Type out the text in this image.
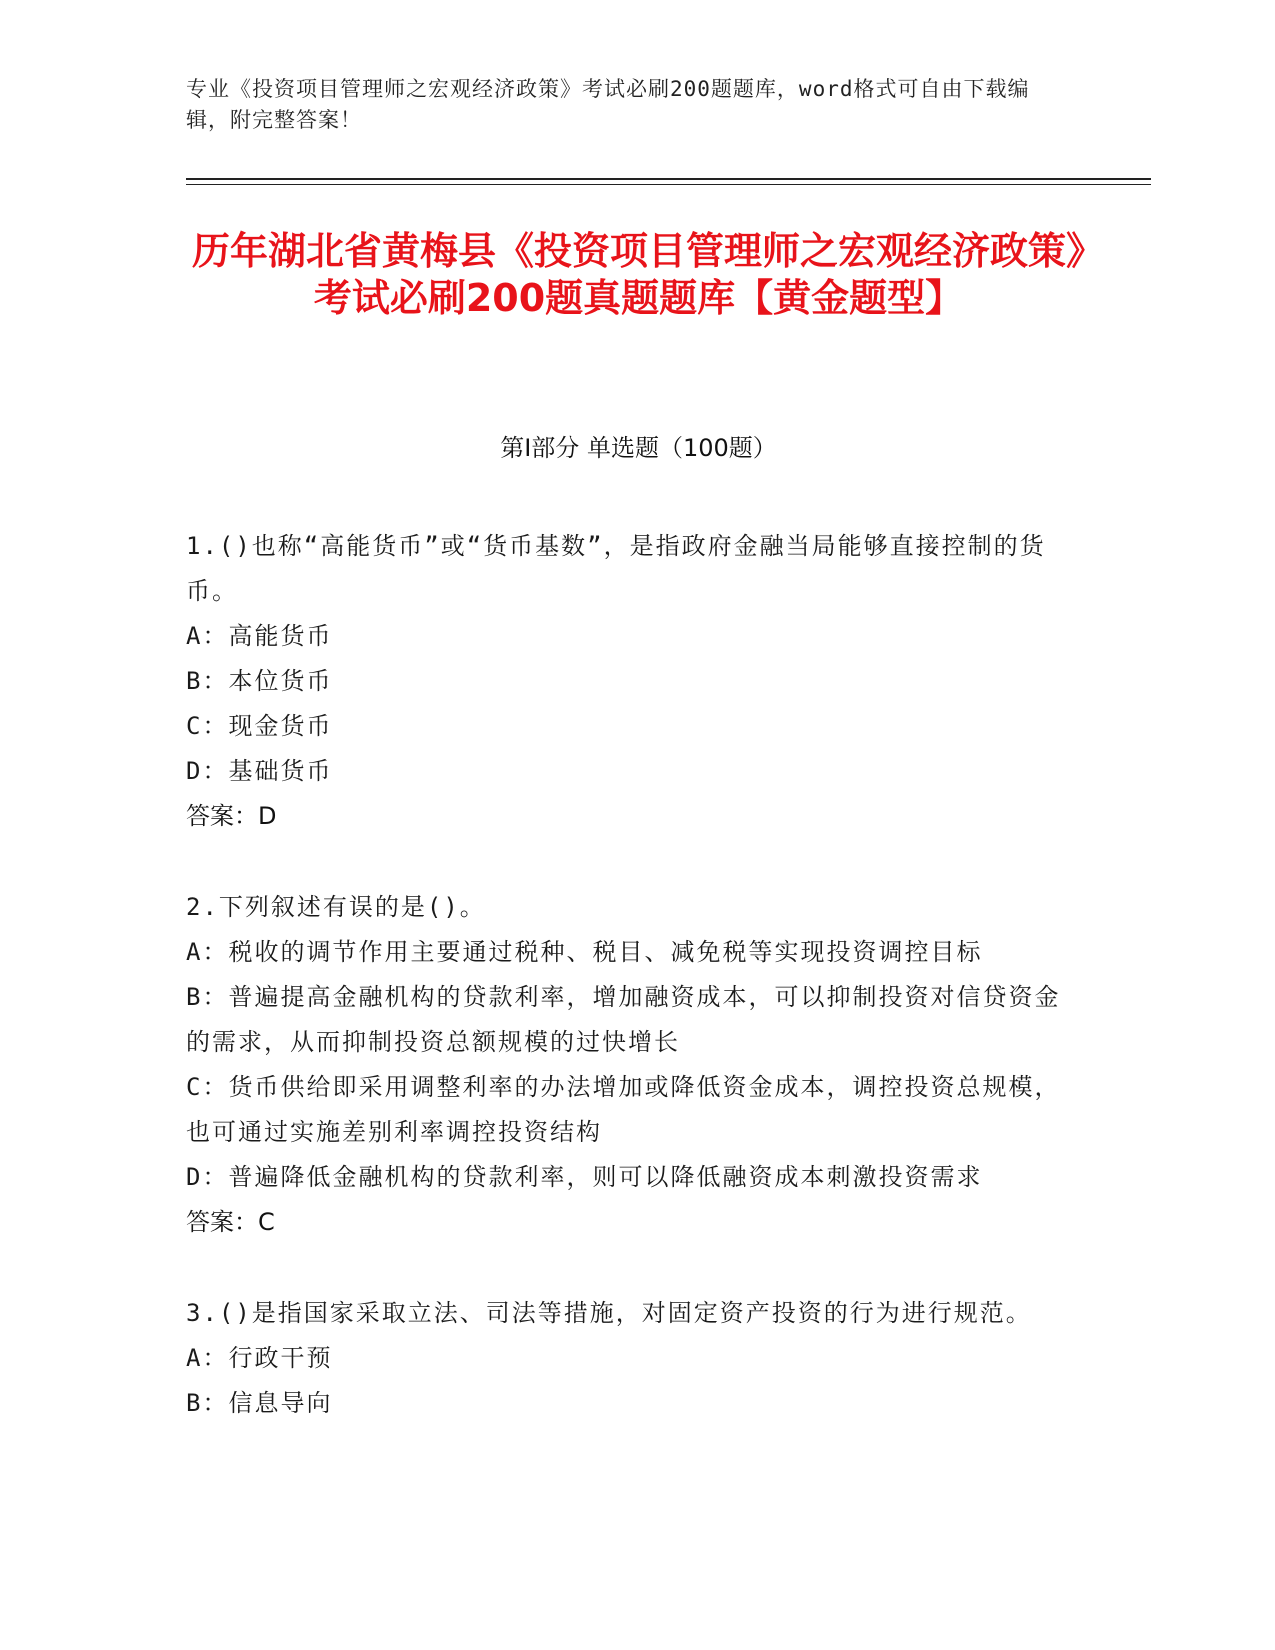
专业《投资项目管理师之宏观经济政策》考试必刷200题题库，word格式可自由下载编辑，附完整答案！
历年湖北省黄梅县《投资项目管理师之宏观经济政策》考试必刷200题真题题库【黄金题型】
第I部分 单选题（100题）

1.()也称“高能货币”或“货币基数”，是指政府金融当局能够直接控制的货币。

A：高能货币

B：本位货币

C：现金货币

D：基础货币

答案：D

2.下列叙述有误的是()。

A：税收的调节作用主要通过税种、税目、减免税等实现投资调控目标

B：普遍提高金融机构的贷款利率，增加融资成本，可以抑制投资对信贷资金的需求，从而抑制投资总额规模的过快增长

C：货币供给即采用调整利率的办法增加或降低资金成本，调控投资总规模，也可通过实施差别利率调控投资结构

D：普遍降低金融机构的贷款利率，则可以降低融资成本刺激投资需求

答案：C

3.()是指国家采取立法、司法等措施，对固定资产投资的行为进行规范。

A：行政干预

B：信息导向
